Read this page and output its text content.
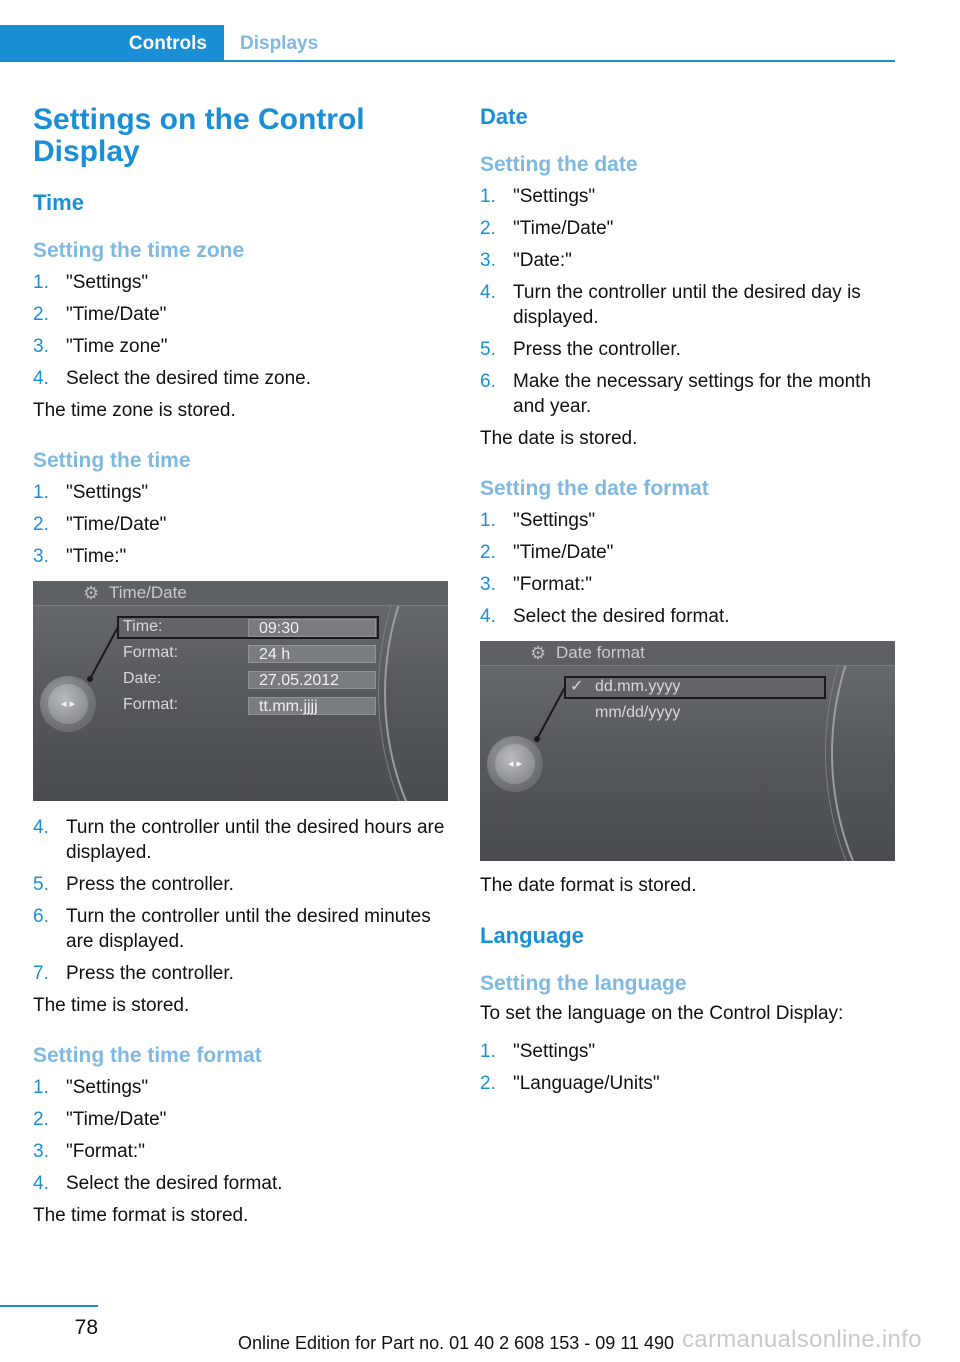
Controls	Displays
Settings on the Control Display
Time
Setting the time zone
1. "Settings"
2. "Time/Date"
3. "Time zone"
4. Select the desired time zone.

The time zone is stored.

Setting the time
1. "Settings"
2. "Time/Date"
3. "Time:"
⚙ Time/Date
Time:	09:30
Format:	24 h
Date:	27.05.2012
Format:	tt.mm.jjjj
◂ ▸
4. Turn the controller until the desired hours are displayed.
5. Press the controller.
6. Turn the controller until the desired minutes are displayed.
7. Press the controller.

The time is stored.

Setting the time format
1. "Settings"
2. "Time/Date"
3. "Format:"
4. Select the desired format.

The time format is stored.

Date
Setting the date
1. "Settings"
2. "Time/Date"
3. "Date:"
4. Turn the controller until the desired day is displayed.
5. Press the controller.
6. Make the necessary settings for the month and year.

The date is stored.

Setting the date format
1. "Settings"
2. "Time/Date"
3. "Format:"
4. Select the desired format.
⚙ Date format
✓ dd.mm.yyyy
mm/dd/yyyy
◂ ▸

The date format is stored.

Language
Setting the language

To set the language on the Control Display:

1. "Settings"
2. "Language/Units"
78
Online Edition for Part no. 01 40 2 608 153 - 09 11 490 carmanualsonline.info
